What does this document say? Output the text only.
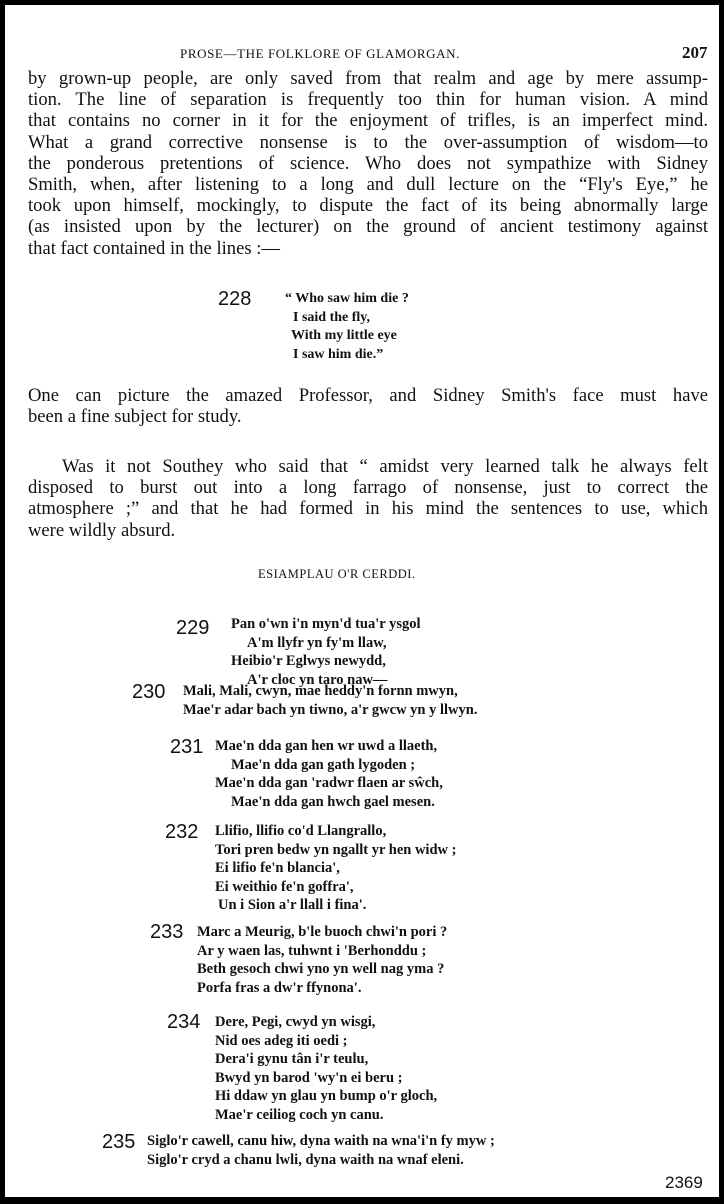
PROSE—THE FOLKLORE OF GLAMORGAN.	207
by grown-up people, are only saved from that realm and age by mere assump-
tion. The line of separation is frequently too thin for human vision. A mind
that contains no corner in it for the enjoyment of trifles, is an imperfect mind.
What a grand corrective nonsense is to the over-assumption of wisdom—to
the ponderous pretentions of science. Who does not sympathize with Sidney
Smith, when, after listening to a long and dull lecture on the “Fly's Eye,” he
took upon himself, mockingly, to dispute the fact of its being abnormally large
(as insisted upon by the lecturer) on the ground of ancient testimony against
that fact contained in the lines :—
228 “ Who saw him die ?
I said the fly,
With my little eye
I saw him die.”
One can picture the amazed Professor, and Sidney Smith's face must have
been a fine subject for study.
Was it not Southey who said that “ amidst very learned talk he always felt
disposed to burst out into a long farrago of nonsense, just to correct the
atmosphere ;” and that he had formed in his mind the sentences to use, which
were wildly absurd.
ESIAMPLAU O'R CERDDI.
229 Pan o'wn i'n myn'd tua'r ysgol
A'm llyfr yn fy'm llaw,
Heibio'r Eglwys newydd,
A'r cloc yn taro naw—
230 Mali, Mali, cwyn, mae heddy'n fornn mwyn,
Mae'r adar bach yn tiwno, a'r gwcw yn y llwyn.
231 Mae'n dda gan hen wr uwd a llaeth,
Mae'n dda gan gath lygoden ;
Mae'n dda gan 'radwr flaen ar sŵch,
Mae'n dda gan hwch gael mesen.
232 Llifio, llifio co'd Llangrallo,
Tori pren bedw yn ngallt yr hen widw ;
Ei lifio fe'n blancia',
Ei weithio fe'n goffra',
Un i Sion a'r llall i fina'.
233 Marc a Meurig, b'le buoch chwi'n pori ?
Ar y waen las, tuhwnt i 'Berhonddu ;
Beth gesoch chwi yno yn well nag yma ?
Porfa fras a dw'r ffynona'.
234 Dere, Pegi, cwyd yn wisgi,
Nid oes adeg iti oedi ;
Dera'i gynu tân i'r teulu,
Bwyd yn barod 'wy'n ei beru ;
Hi ddaw yn glau yn bump o'r gloch,
Mae'r ceiliog coch yn canu.
235 Siglo'r cawell, canu hiw, dyna waith na wna'i'n fy myw ;
Siglo'r cryd a chanu lwli, dyna waith na wnaf eleni.
2369
